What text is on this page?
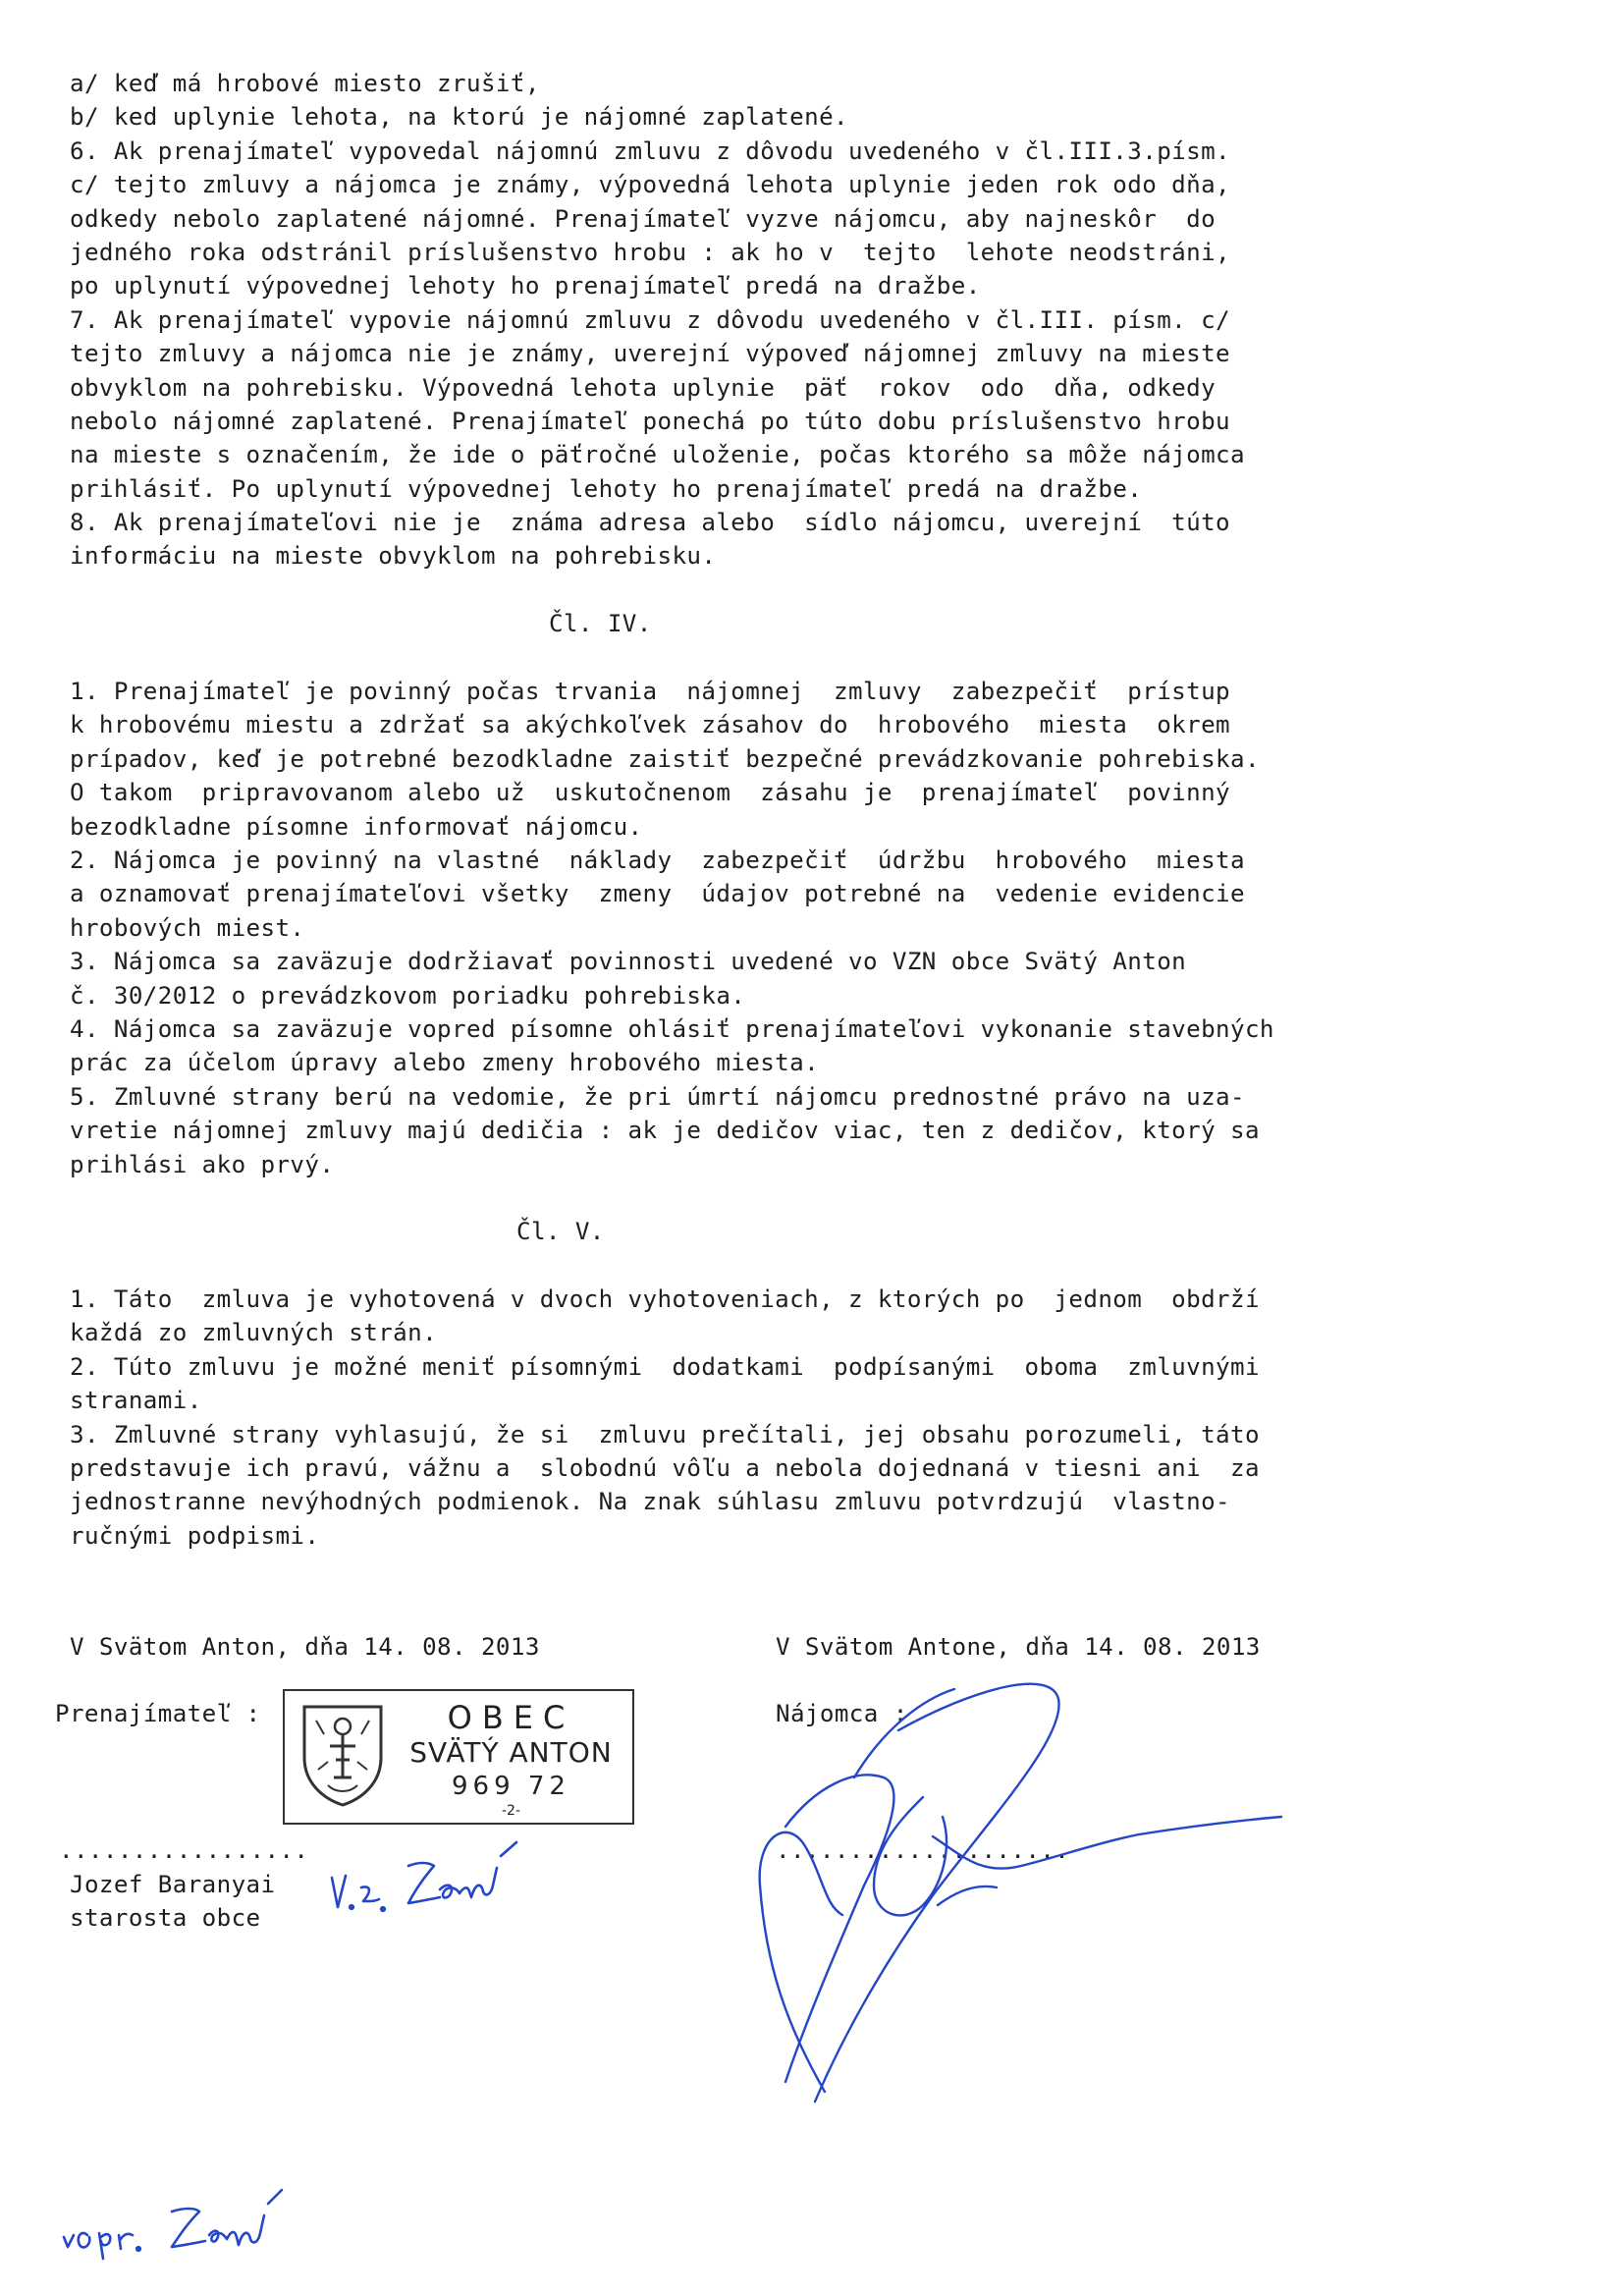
a/ keď má hrobové miesto zrušiť,
b/ ked uplynie lehota, na ktorú je nájomné zaplatené.
6. Ak prenajímateľ vypovedal nájomnú zmluvu z dôvodu uvedeného v čl.III.3.písm.
c/ tejto zmluvy a nájomca je známy, výpovedná lehota uplynie jeden rok odo dňa,
odkedy nebolo zaplatené nájomné. Prenajímateľ vyzve nájomcu, aby najneskôr  do
jedného roka odstránil príslušenstvo hrobu : ak ho v  tejto  lehote neodstráni,
po uplynutí výpovednej lehoty ho prenajímateľ predá na dražbe.
7. Ak prenajímateľ vypovie nájomnú zmluvu z dôvodu uvedeného v čl.III. písm. c/
tejto zmluvy a nájomca nie je známy, uverejní výpoveď nájomnej zmluvy na mieste
obvyklom na pohrebisku. Výpovedná lehota uplynie  päť  rokov  odo  dňa, odkedy
nebolo nájomné zaplatené. Prenajímateľ ponechá po túto dobu príslušenstvo hrobu
na mieste s označením, že ide o päťročné uloženie, počas ktorého sa môže nájomca
prihlásiť. Po uplynutí výpovednej lehoty ho prenajímateľ predá na dražbe.
8. Ak prenajímateľovi nie je  známa adresa alebo  sídlo nájomcu, uverejní  túto
informáciu na mieste obvyklom na pohrebisku.
Čl. IV.
1. Prenajímateľ je povinný počas trvania  nájomnej  zmluvy  zabezpečiť  prístup
k hrobovému miestu a zdržať sa akýchkoľvek zásahov do  hrobového  miesta  okrem
prípadov, keď je potrebné bezodkladne zaistiť bezpečné prevádzkovanie pohrebiska.
O takom  pripravovanom alebo už  uskutočnenom  zásahu je  prenajímateľ  povinný
bezodkladne písomne informovať nájomcu.
2. Nájomca je povinný na vlastné  náklady  zabezpečiť  údržbu  hrobového  miesta
a oznamovať prenajímateľovi všetky  zmeny  údajov potrebné na  vedenie evidencie
hrobových miest.
3. Nájomca sa zaväzuje dodržiavať povinnosti uvedené vo VZN obce Svätý Anton
č. 30/2012 o prevádzkovom poriadku pohrebiska.
4. Nájomca sa zaväzuje vopred písomne ohlásiť prenajímateľovi vykonanie stavebných
prác za účelom úpravy alebo zmeny hrobového miesta.
5. Zmluvné strany berú na vedomie, že pri úmrtí nájomcu prednostné právo na uza-
vretie nájomnej zmluvy majú dedičia : ak je dedičov viac, ten z dedičov, ktorý sa
prihlási ako prvý.
Čl. V.
1. Táto  zmluva je vyhotovená v dvoch vyhotoveniach, z ktorých po  jednom  obdrží
každá zo zmluvných strán.
2. Túto zmluvu je možné meniť písomnými  dodatkami  podpísanými  oboma  zmluvnými
stranami.
3. Zmluvné strany vyhlasujú, že si  zmluvu prečítali, jej obsahu porozumeli, táto
predstavuje ich pravú, vážnu a  slobodnú vôľu a nebola dojednaná v tiesni ani  za
jednostranne nevýhodných podmienok. Na znak súhlasu zmluvu potvrdzujú  vlastno-
ručnými podpismi.
V Svätom Anton, dňa 14. 08. 2013	V Svätom Antone, dňa 14. 08. 2013
Prenajímateľ :	Nájomca :
OBEC
SVÄTÝ ANTON
969 72
-2-
.................	....................
Jozef Baranyai
starosta obce
